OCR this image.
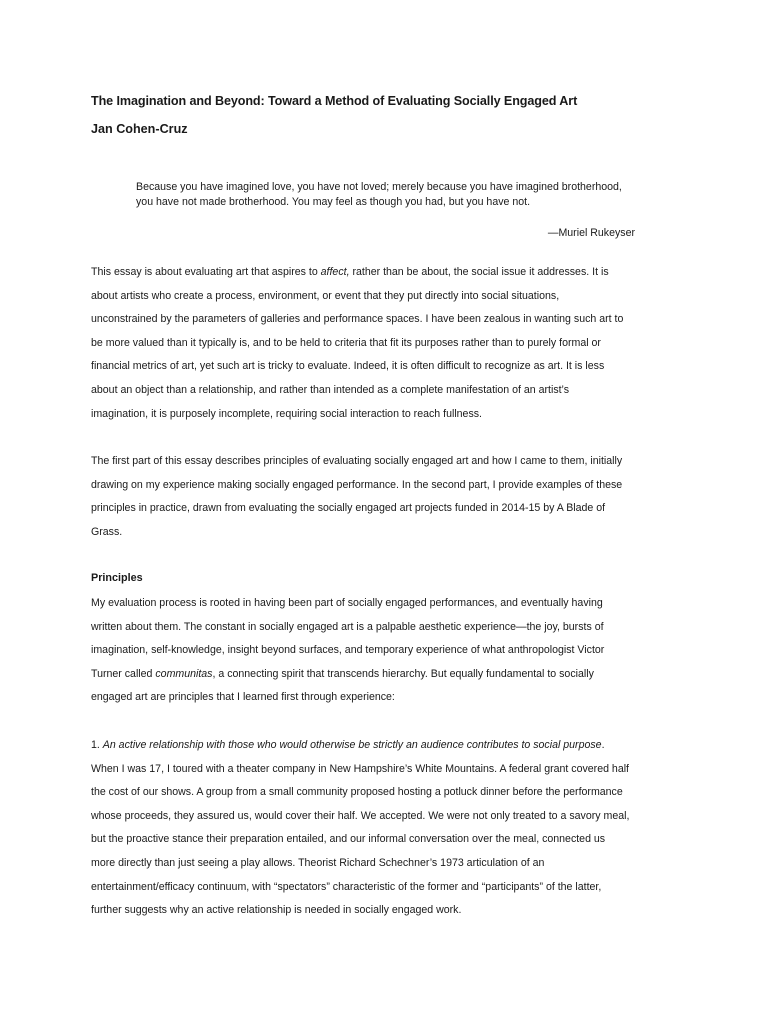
The Imagination and Beyond: Toward a Method of Evaluating Socially Engaged Art
Jan Cohen-Cruz
Because you have imagined love, you have not loved; merely because you have imagined brotherhood,
you have not made brotherhood. You may feel as though you had, but you have not.
—Muriel Rukeyser
This essay is about evaluating art that aspires to affect, rather than be about, the social issue it addresses. It is
about artists who create a process, environment, or event that they put directly into social situations,
unconstrained by the parameters of galleries and performance spaces. I have been zealous in wanting such art to
be more valued than it typically is, and to be held to criteria that fit its purposes rather than to purely formal or
financial metrics of art, yet such art is tricky to evaluate. Indeed, it is often difficult to recognize as art. It is less
about an object than a relationship, and rather than intended as a complete manifestation of an artist’s
imagination, it is purposely incomplete, requiring social interaction to reach fullness.
The first part of this essay describes principles of evaluating socially engaged art and how I came to them, initially
drawing on my experience making socially engaged performance. In the second part, I provide examples of these
principles in practice, drawn from evaluating the socially engaged art projects funded in 2014-15 by A Blade of
Grass.
Principles
My evaluation process is rooted in having been part of socially engaged performances, and eventually having
written about them. The constant in socially engaged art is a palpable aesthetic experience—the joy, bursts of
imagination, self-knowledge, insight beyond surfaces, and temporary experience of what anthropologist Victor
Turner called communitas, a connecting spirit that transcends hierarchy. But equally fundamental to socially
engaged art are principles that I learned first through experience:
1. An active relationship with those who would otherwise be strictly an audience contributes to social purpose.
When I was 17, I toured with a theater company in New Hampshire’s White Mountains. A federal grant covered half
the cost of our shows. A group from a small community proposed hosting a potluck dinner before the performance
whose proceeds, they assured us, would cover their half. We accepted. We were not only treated to a savory meal,
but the proactive stance their preparation entailed, and our informal conversation over the meal, connected us
more directly than just seeing a play allows. Theorist Richard Schechner’s 1973 articulation of an
entertainment/efficacy continuum, with “spectators” characteristic of the former and “participants” of the latter,
further suggests why an active relationship is needed in socially engaged work.
